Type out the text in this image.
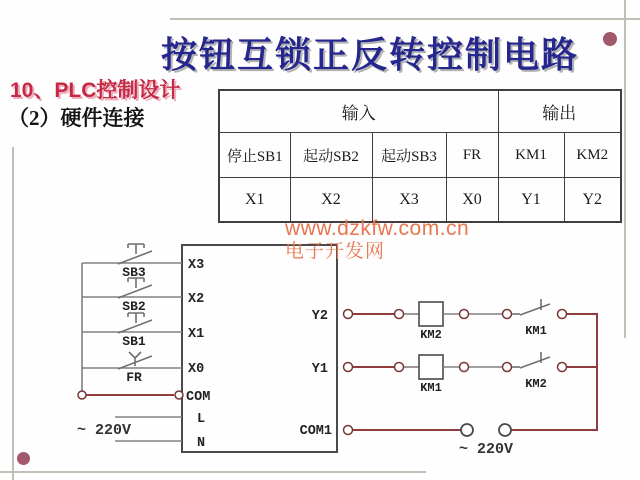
按钮互锁正反转控制电路
10、PLC控制设计
（2）硬件连接
www.dzkfw.com.cn
电子开发网
输入				输出	
停止SB1	起动SB2	起动SB3	FR	KM1	KM2
X1	X2	X3	X0	Y1	Y2
SB3
SB2
SB1
FR
X3
X2
X1
X0
COM
L
N
~ 220V
Y2
Y1
COM1
KM2	KM1
KM1	KM2
~ 220V
